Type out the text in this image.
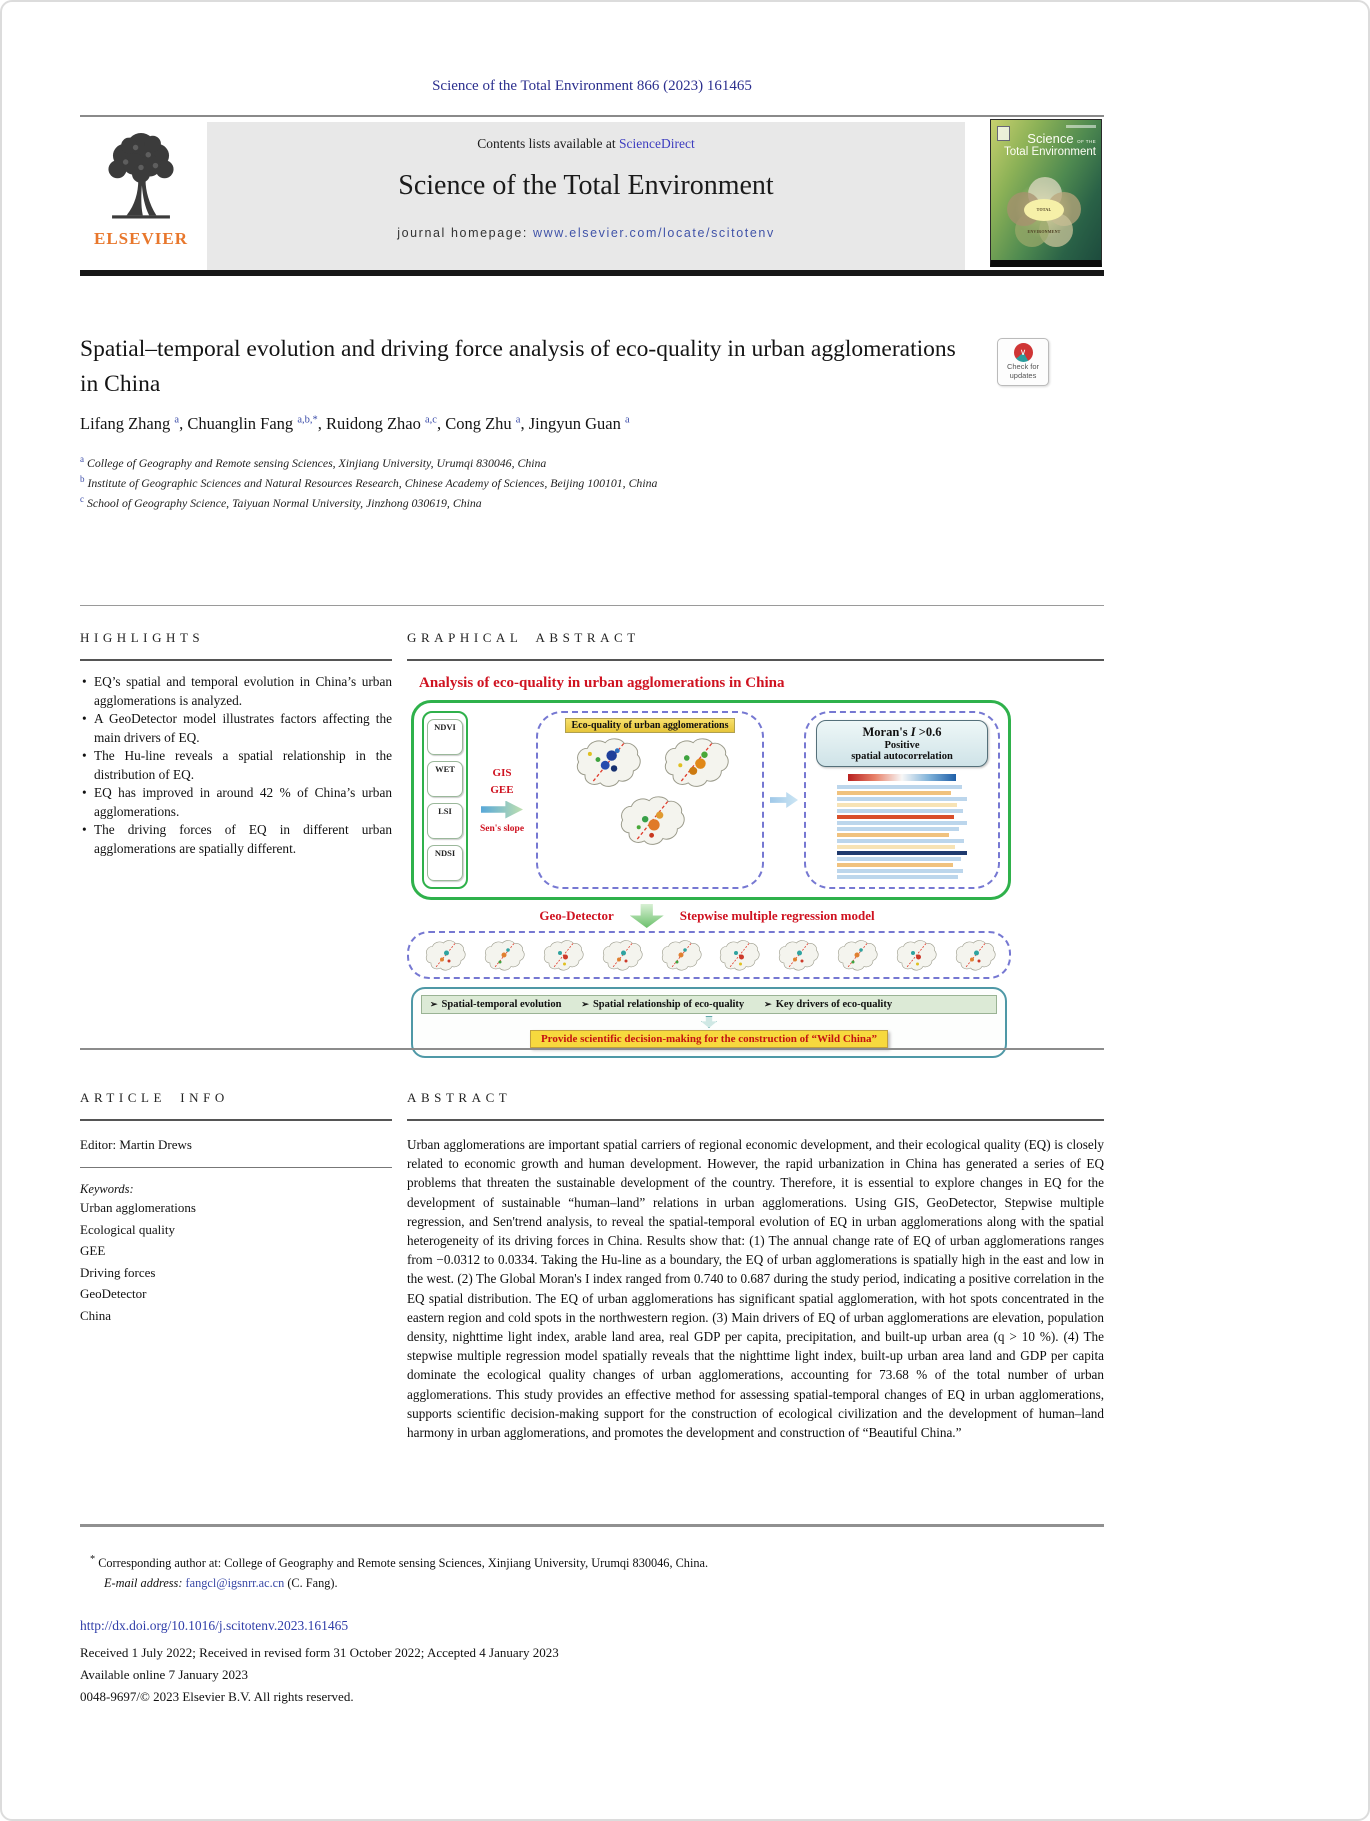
Science of the Total Environment 866 (2023) 161465
ELSEVIER
Contents lists available at ScienceDirect
Science of the Total Environment
journal homepage: www.elsevier.com/locate/scitotenv
Science OF THE
Total Environment
TOTAL ENVIRONMENT
Spatial–temporal evolution and driving force analysis of eco-quality in urban agglomerations in China
∨
Check for
updates
Lifang Zhang $^a$, Chuanglin Fang $^{a,b,*}$, Ruidong Zhao $^{a,c}$, Cong Zhu $^a$, Jingyun Guan $^a$
$^a$ College of Geography and Remote sensing Sciences, Xinjiang University, Urumqi 830046, China
$^b$ Institute of Geographic Sciences and Natural Resources Research, Chinese Academy of Sciences, Beijing 100101, China
$^c$ School of Geography Science, Taiyuan Normal University, Jinzhong 030619, China
HIGHLIGHTS
• EQ’s spatial and temporal evolution in China’s urban agglomerations is analyzed.
• A GeoDetector model illustrates factors affecting the main drivers of EQ.
• The Hu-line reveals a spatial relationship in the distribution of EQ.
• EQ has improved in around 42 % of China’s urban agglomerations.
• The driving forces of EQ in different urban agglomerations are spatially different.
GRAPHICAL ABSTRACT
Analysis of eco-quality in urban agglomerations in China
NDVI
WET
LSI
NDSI
GIS
GEE
Sen's slope
Eco-quality of urban agglomerations	Moran's I >0.6
Positive
spatial autocorrelation
Geo-Detector	Stepwise multiple regression model
➢ Spatial-temporal evolution ➢ Spatial relationship of eco-quality ➢ Key drivers of eco-quality
Provide scientific decision-making for the construction of “Wild China”
ARTICLE INFO
Editor: Martin Drews
Keywords:
Urban agglomerations
Ecological quality
GEE
Driving forces
GeoDetector
China
ABSTRACT
Urban agglomerations are important spatial carriers of regional economic development, and their ecological quality (EQ) is closely related to economic growth and human development. However, the rapid urbanization in China has generated a series of EQ problems that threaten the sustainable development of the country. Therefore, it is essential to explore changes in EQ for the development of sustainable “human–land” relations in urban agglomerations. Using GIS, GeoDetector, Stepwise multiple regression, and Sen'trend analysis, to reveal the spatial-temporal evolution of EQ in urban agglomerations along with the spatial heterogeneity of its driving forces in China. Results show that: (1) The annual change rate of EQ of urban agglomerations ranges from −0.0312 to 0.0334. Taking the Hu-line as a boundary, the EQ of urban agglomerations is spatially high in the east and low in the west. (2) The Global Moran's I index ranged from 0.740 to 0.687 during the study period, indicating a positive correlation in the EQ spatial distribution. The EQ of urban agglomerations has significant spatial agglomeration, with hot spots concentrated in the eastern region and cold spots in the northwestern region. (3) Main drivers of EQ of urban agglomerations are elevation, population density, nighttime light index, arable land area, real GDP per capita, precipitation, and built-up urban area (q > 10 %). (4) The stepwise multiple regression model spatially reveals that the nighttime light index, built-up urban area land and GDP per capita dominate the ecological quality changes of urban agglomerations, accounting for 73.68 % of the total number of urban agglomerations. This study provides an effective method for assessing spatial-temporal changes of EQ in urban agglomerations, supports scientific decision-making support for the construction of ecological civilization and the development of human–land harmony in urban agglomerations, and promotes the development and construction of “Beautiful China.”
* Corresponding author at: College of Geography and Remote sensing Sciences, Xinjiang University, Urumqi 830046, China.
E-mail address: fangcl@igsnrr.ac.cn (C. Fang).
http://dx.doi.org/10.1016/j.scitotenv.2023.161465
Received 1 July 2022; Received in revised form 31 October 2022; Accepted 4 January 2023
Available online 7 January 2023
0048-9697/© 2023 Elsevier B.V. All rights reserved.
